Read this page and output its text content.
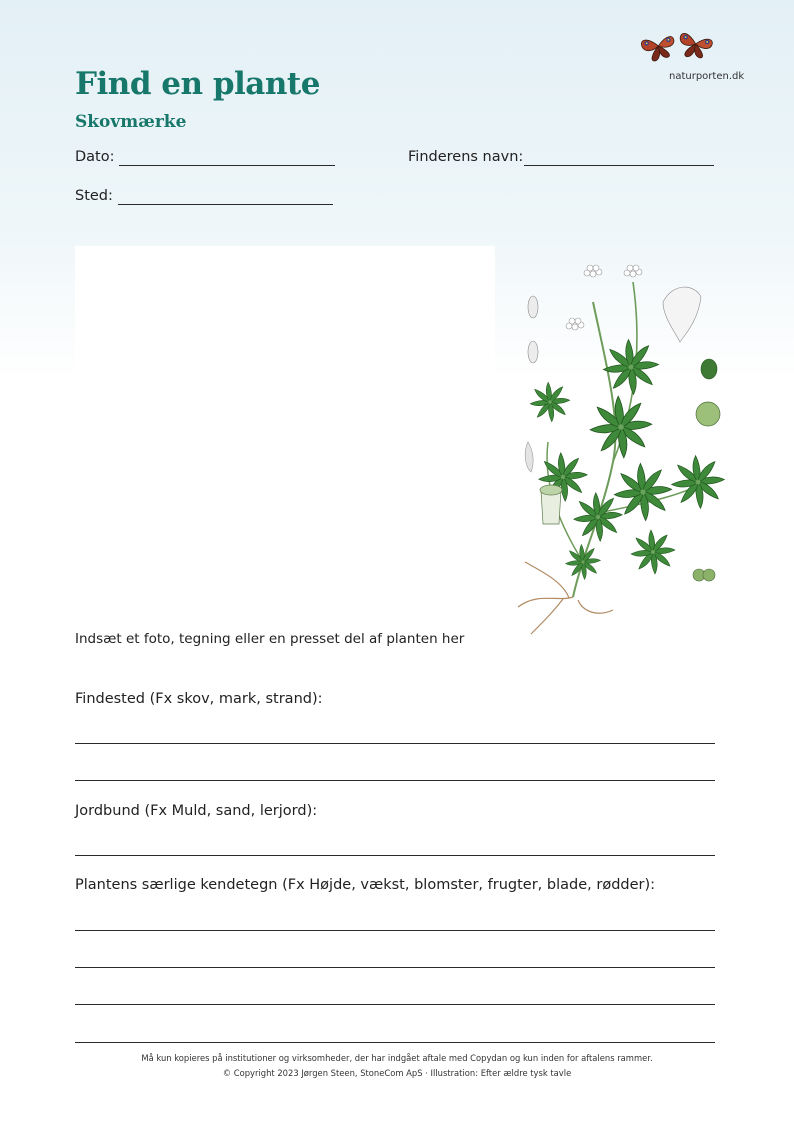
Find en plante
Skovmærke
naturporten.dk
Dato:	Finderens navn:
Sted:
Indsæt et foto, tegning eller en presset del af planten her
Findested (Fx skov, mark, strand):
Jordbund (Fx Muld, sand, lerjord):
Plantens særlige kendetegn (Fx Højde, vækst, blomster, frugter, blade, rødder):
Må kun kopieres på institutioner og virksomheder, der har indgået aftale med Copydan og kun inden for aftalens rammer.
© Copyright 2023 Jørgen Steen, StoneCom ApS · Illustration: Efter ældre tysk tavle
